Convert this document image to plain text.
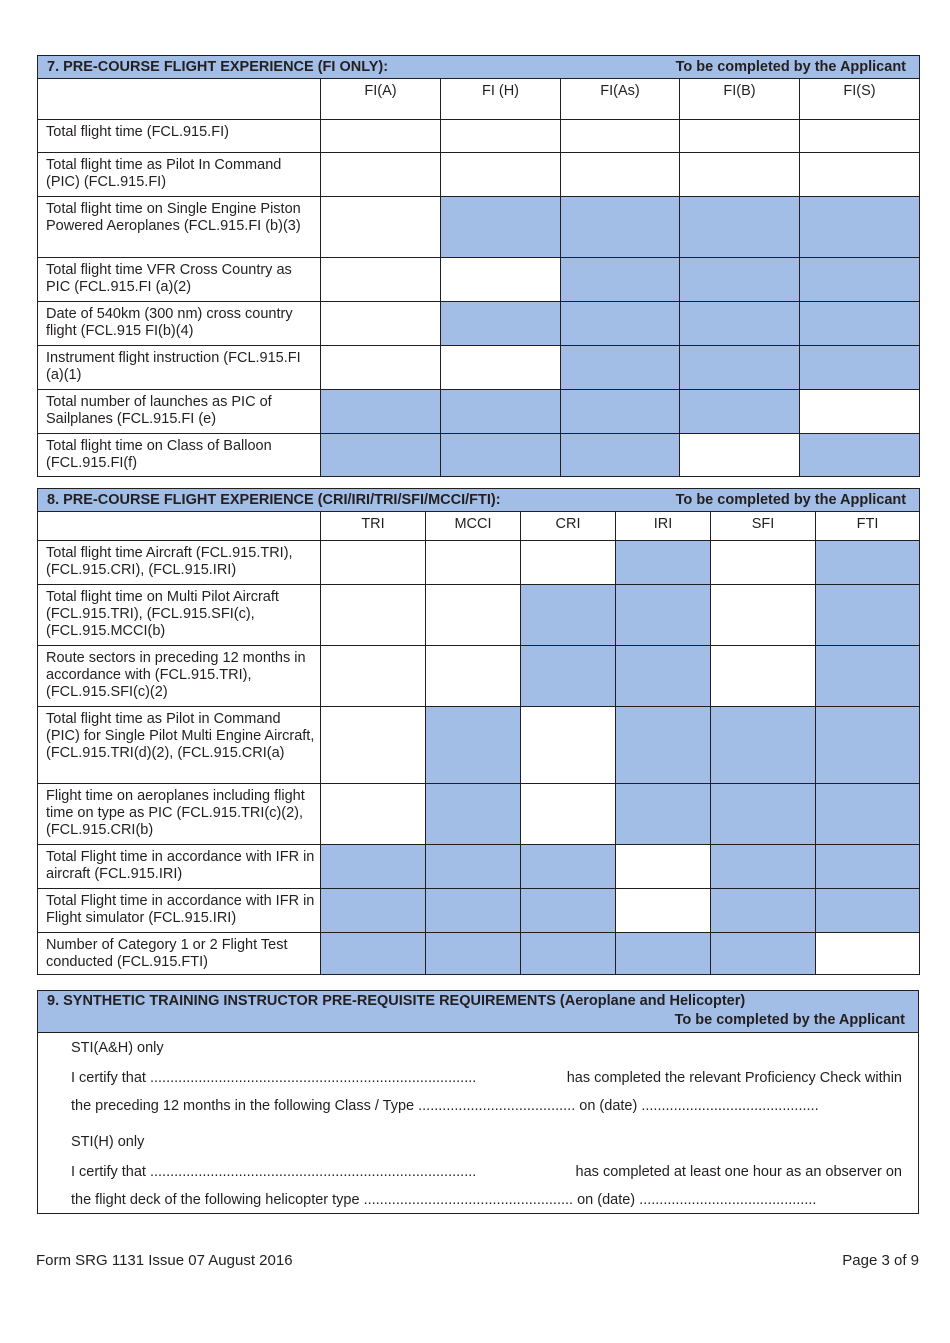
7. PRE-COURSE FLIGHT EXPERIENCE (FI ONLY): To be completed by the Applicant					

	FI(A)	FI (H)	FI(As)	FI(B)	FI(S)
Total flight time (FCL.915.FI)					
Total flight time as Pilot In Command (PIC) (FCL.915.FI)					
Total flight time on Single Engine Piston Powered Aeroplanes (FCL.915.FI (b)(3)					
Total flight time VFR Cross Country as PIC (FCL.915.FI (a)(2)					
Date of 540km (300 nm) cross country flight (FCL.915 FI(b)(4)					
Instrument flight instruction (FCL.915.FI (a)(1)					
Total number of launches as PIC of Sailplanes (FCL.915.FI (e)					
Total flight time on Class of Balloon (FCL.915.FI(f)					
8. PRE-COURSE FLIGHT EXPERIENCE (CRI/IRI/TRI/SFI/MCCI/FTI): To be completed by the Applicant						

	TRI	MCCI	CRI	IRI	SFI	FTI
Total flight time Aircraft (FCL.915.TRI), (FCL.915.CRI), (FCL.915.IRI)						
Total flight time on Multi Pilot Aircraft (FCL.915.TRI), (FCL.915.SFI(c), (FCL.915.MCCI(b)						
Route sectors in preceding 12 months in accordance with (FCL.915.TRI), (FCL.915.SFI(c)(2)						
Total flight time as Pilot in Command (PIC) for Single Pilot Multi Engine Aircraft, (FCL.915.TRI(d)(2), (FCL.915.CRI(a)						
Flight time on aeroplanes including flight time on type as PIC (FCL.915.TRI(c)(2), (FCL.915.CRI(b)						
Total Flight time in accordance with IFR in aircraft (FCL.915.IRI)						
Total Flight time in accordance with IFR in Flight simulator (FCL.915.IRI)						
Number of Category 1 or 2 Flight Test conducted (FCL.915.FTI)						
9. SYNTHETIC TRAINING INSTRUCTOR PRE-REQUISITE REQUIREMENTS (Aeroplane and Helicopter)
To be completed by the Applicant
STI(A&H) only
I certify that .................................................................................	has completed the relevant Proficiency Check within
the preceding 12 months in the following Class / Type ....................................... on (date) ............................................
STI(H) only
I certify that .................................................................................	has completed at least one hour as an observer on
the flight deck of the following helicopter type .................................................... on (date) ............................................
Form SRG 1131 Issue 07 August 2016	Page 3 of 9
